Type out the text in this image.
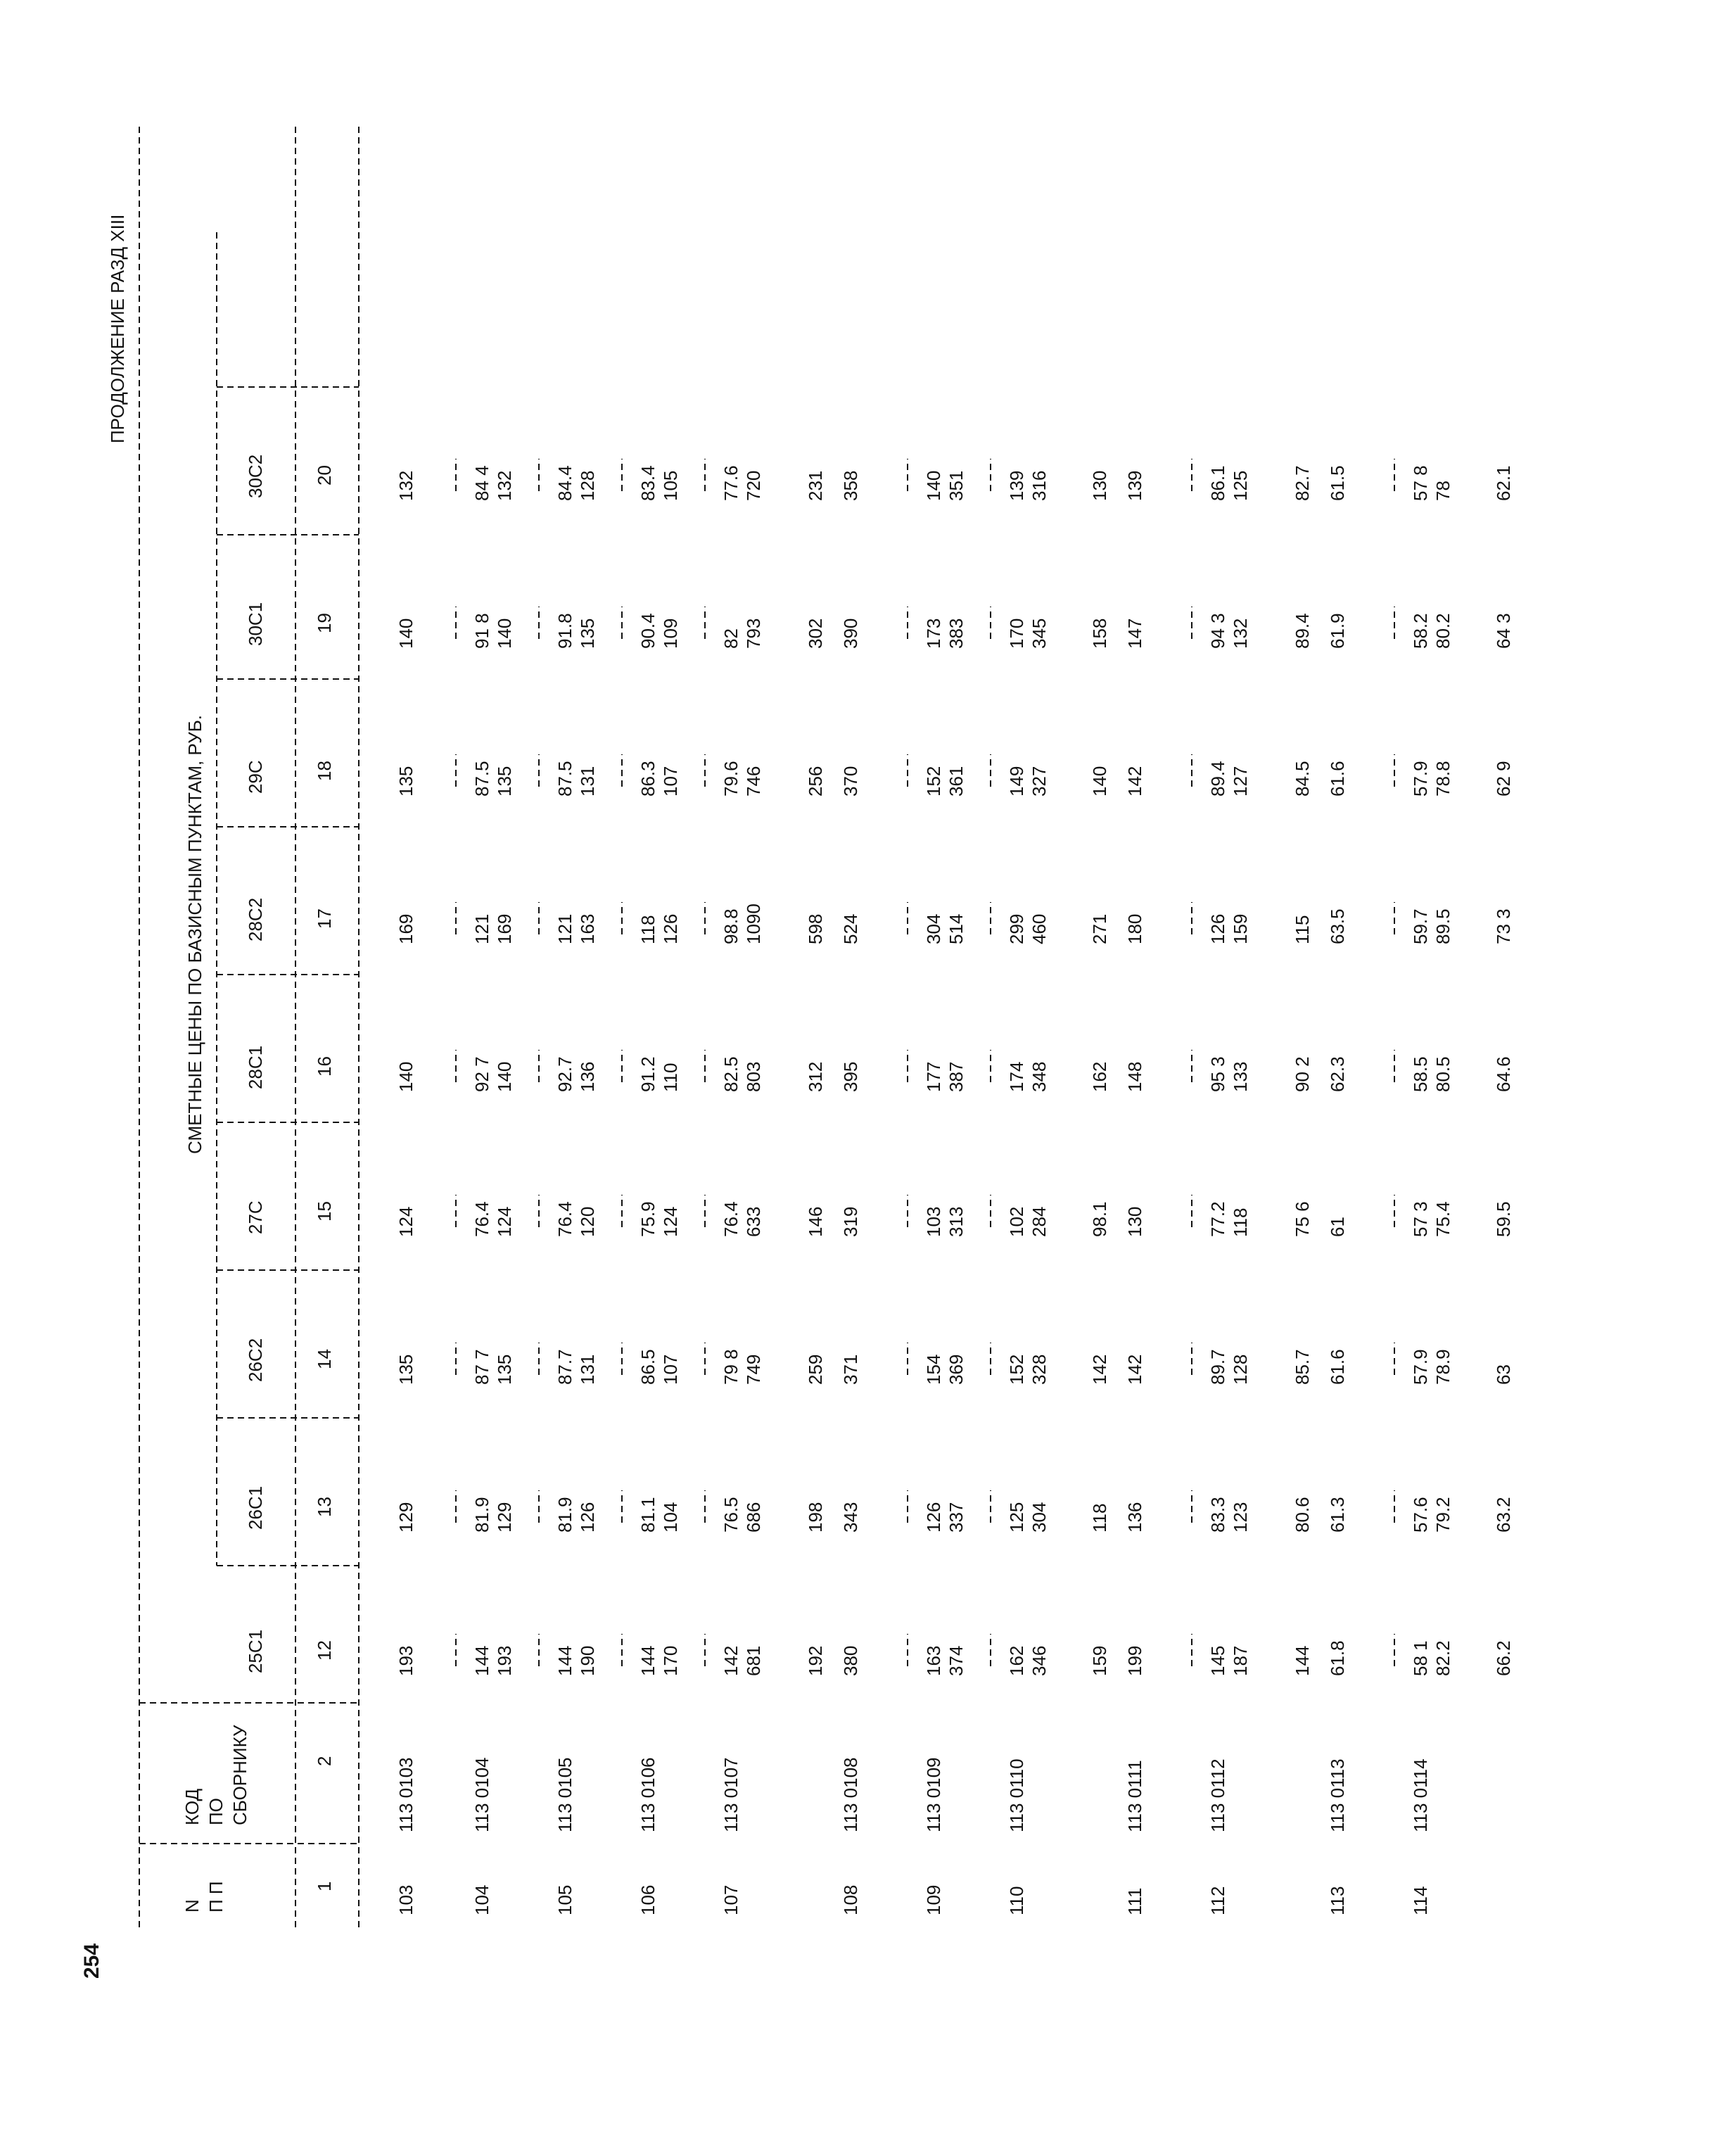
254
ПРОДОЛЖЕНИЕ РАЗД XIII
СМЕТНЫЕ ЦЕНЫ ПО БАЗИСНЫМ ПУНКТАМ, РУБ.
N П П
КОД ПО СБОРНИКУ
25С1
26С1
26С2
27С
28С1
28С2
29С
30С1
30С2
1
2
12
13
14
15
16
17
18
19
20
103
113 0103
104
113 0104
105
113 0105
106
113 0106
107
113 0107
108
113 0108
109
113 0109
110
113 0110
111
113 0111
112
113 0112
113
113 0113
114
113 0114
193
129
135
124
140
169
135
140
132
144 193
81.9 129
87 7 135
76.4 124
92 7 140
121 169
87.5 135
91 8 140
84 4 132
144 190
81.9 126
87.7 131
76.4 120
92.7 136
121 163
87.5 131
91.8 135
84.4 128
144 170
81.1 104
86.5 107
75.9 124
91.2 110
118 126
86.3 107
90.4 109
83.4 105
142 681
76.5 686
79 8 749
76.4 633
82.5 803
98.8 1090
79.6 746
82 793
77.6 720
192
198
259
146
312
598
256
302
231
380
343
371
319
395
524
370
390
358
163 374
126 337
154 369
103 313
177 387
304 514
152 361
173 383
140 351
162 346
125 304
152 328
102 284
174 348
299 460
149 327
170 345
139 316
159
118
142
98.1
162
271
140
158
130
199
136
142
130
148
180
142
147
139
145 187
83.3 123
89.7 128
77.2 118
95 3 133
126 159
89.4 127
94 3 132
86.1 125
144
80.6
85.7
75 6
90 2
115
84.5
89.4
82.7
61.8
61.3
61.6
61
62.3
63.5
61.6
61.9
61.5
58 1 82.2
57.6 79.2
57.9 78.9
57 3 75.4
58.5 80.5
59.7 89.5
57.9 78.8
58.2 80.2
57 8 78
66.2
63.2
63
59.5
64.6
73 3
62 9
64 3
62.1
